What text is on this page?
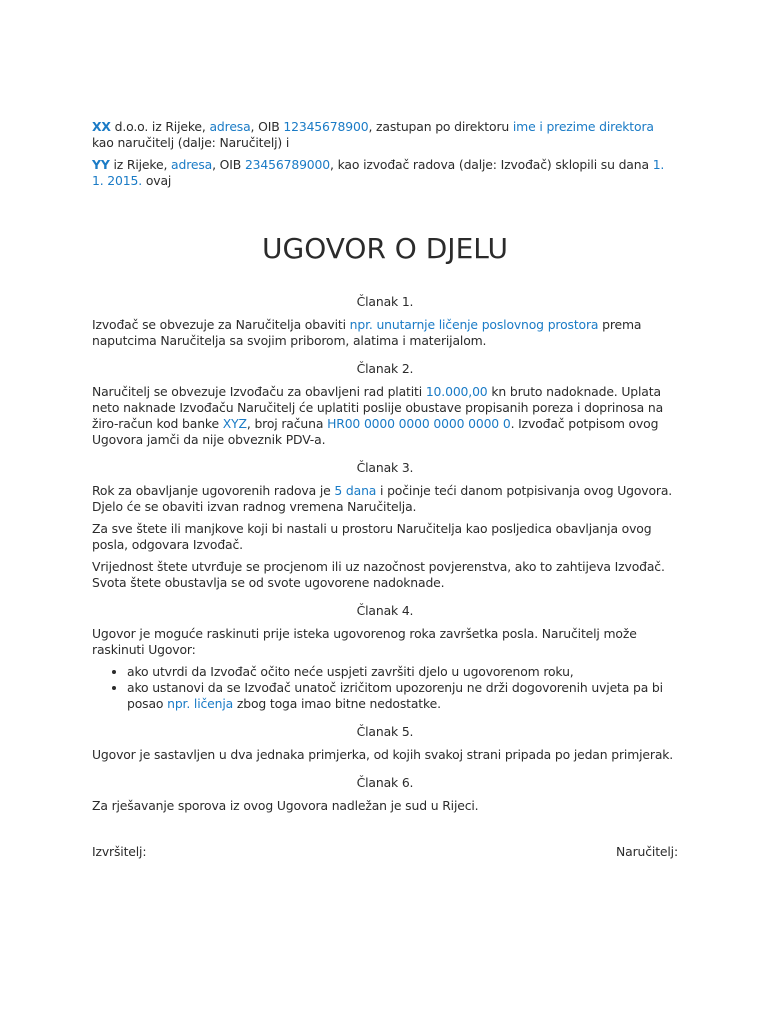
XX d.o.o. iz Rijeke, adresa, OIB 12345678900, zastupan po direktoru ime i prezime direktora kao naručitelj (dalje: Naručitelj) i

YY iz Rijeke, adresa, OIB 23456789000, kao izvođač radova (dalje: Izvođač) sklopili su dana 1. 1. 2015. ovaj

UGOVOR O DJELU

Članak 1.

Izvođač se obvezuje za Naručitelja obaviti npr. unutarnje ličenje poslovnog prostora prema naputcima Naručitelja sa svojim priborom, alatima i materijalom.

Članak 2.

Naručitelj se obvezuje Izvođaču za obavljeni rad platiti 10.000,00 kn bruto nadoknade. Uplata neto naknade Izvođaču Naručitelj će uplatiti poslije obustave propisanih poreza i doprinosa na žiro-račun kod banke XYZ, broj računa HR00 0000 0000 0000 0000 0. Izvođač potpisom ovog Ugovora jamči da nije obveznik PDV-a.

Članak 3.

Rok za obavljanje ugovorenih radova je 5 dana i počinje teći danom potpisivanja ovog Ugovora. Djelo će se obaviti izvan radnog vremena Naručitelja.

Za sve štete ili manjkove koji bi nastali u prostoru Naručitelja kao posljedica obavljanja ovog posla, odgovara Izvođač.

Vrijednost štete utvrđuje se procjenom ili uz nazočnost povjerenstva, ako to zahtijeva Izvođač. Svota štete obustavlja se od svote ugovorene nadoknade.

Članak 4.

Ugovor je moguće raskinuti prije isteka ugovorenog roka završetka posla. Naručitelj može raskinuti Ugovor:

• ako utvrdi da Izvođač očito neće uspjeti završiti djelo u ugovorenom roku,
• ako ustanovi da se Izvođač unatoč izričitom upozorenju ne drži dogovorenih uvjeta pa bi posao npr. ličenja zbog toga imao bitne nedostatke.

Članak 5.

Ugovor je sastavljen u dva jednaka primjerka, od kojih svakoj strani pripada po jedan primjerak.

Članak 6.

Za rješavanje sporova iz ovog Ugovora nadležan je sud u Rijeci.

Izvršitelj:	Naručitelj:
